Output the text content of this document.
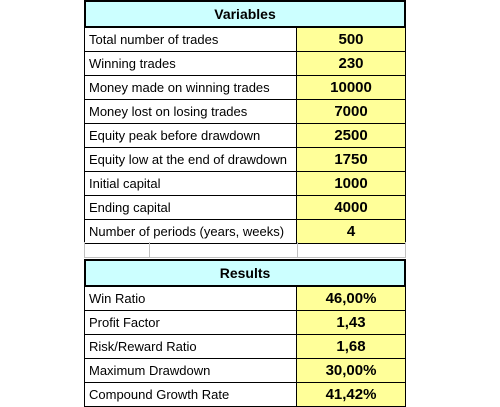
Variables
Total number of trades	500
Winning trades	230
Money made on winning trades	10000
Money lost on losing trades	7000
Equity peak before drawdown	2500
Equity low at the end of drawdown	1750
Initial capital	1000
Ending capital	4000
Number of periods (years, weeks)	4
Results
Win Ratio	46,00%
Profit Factor	1,43
Risk/Reward Ratio	1,68
Maximum Drawdown	30,00%
Compound Growth Rate	41,42%
